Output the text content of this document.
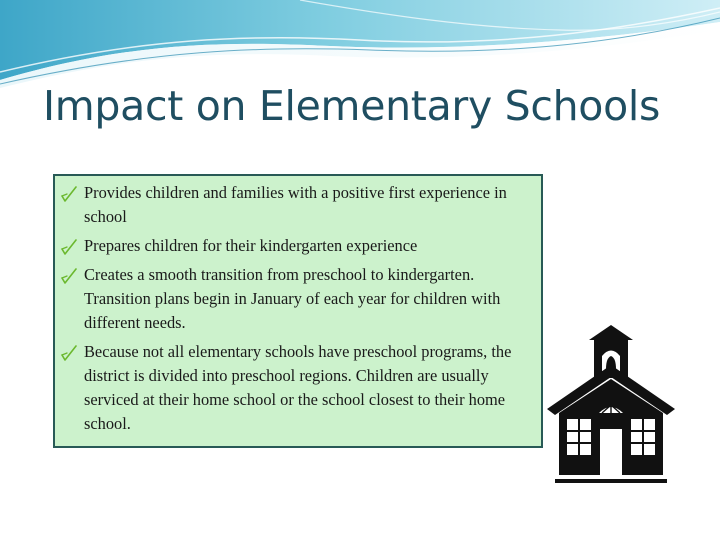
Impact on Elementary Schools
Provides children and families with a positive first experience in school
Prepares children for their kindergarten experience
Creates a smooth transition from preschool to kindergarten. Transition plans begin in January of each year for children with different needs.
Because not all elementary schools have preschool programs, the district is divided into preschool regions. Children are usually serviced at their home school or the school closest to their home school.
